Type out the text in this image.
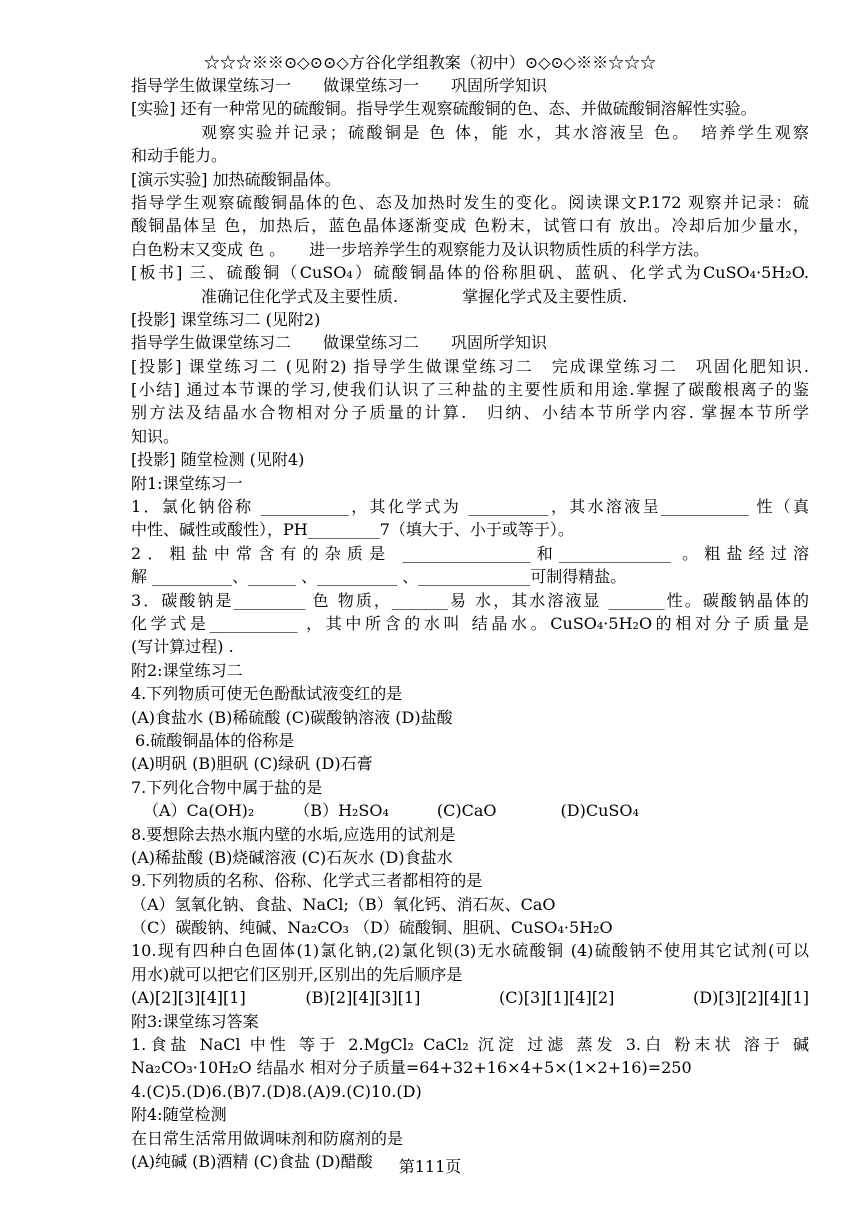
☆☆☆※※⊙◇⊙⊙◇方谷化学组教案（初中）⊙◇⊙◇※※☆☆☆
指导学生做课堂练习一　　做课堂练习一　　巩固所学知识
[实验] 还有一种常见的硫酸铜。指导学生观察硫酸铜的色、态、并做硫酸铜溶解性实验。
观察实验并记录；硫酸铜是 色 体，能 水，其水溶液呈 色。　培养学生观察
和动手能力。
[演示实验] 加热硫酸铜晶体。
指导学生观察硫酸铜晶体的色、态及加热时发生的变化。阅读课文P.172 观察并记录：硫
酸铜晶体呈 色，加热后，蓝色晶体逐渐变成 色粉末，试管口有 放出。冷却后加少量水，
白色粉末又变成 色 。　　进一步培养学生的观察能力及认识物质性质的科学方法。
[板书] 三、硫酸铜（CuSO₄）硫酸铜晶体的俗称胆矾、蓝矾、化学式为CuSO₄·5H₂O.
准确记住化学式及主要性质.　　　　掌握化学式及主要性质.
[投影] 课堂练习二 (见附2)
指导学生做课堂练习二　　做课堂练习二　　巩固所学知识
[投影] 课堂练习二 (见附2) 指导学生做课堂练习二　完成课堂练习二　巩固化肥知识.
[小结] 通过本节课的学习,使我们认识了三种盐的主要性质和用途.掌握了碳酸根离子的鉴
别方法及结晶水合物相对分子质量的计算.　归纳、小结本节所学内容. 掌握本节所学
知识。
[投影] 随堂检测 (见附4)
附1:课堂练习一
1．氯化钠俗称 ___________，其化学式为 __________，其水溶液呈___________ 性（真
中性、碱性或酸性），PH_________7（填大于、小于或等于）。
2．粗盐中常含有的杂质是 ________________和______________ 。粗盐经过溶
解 __________、______ 、__________ 、______________可制得精盐。
3．碳酸钠是_________ 色 物质，_______易 水，其水溶液显 _______性。碳酸钠晶体的
化学式是___________ ，其中所含的水叫 结晶水。CuSO₄·5H₂O的相对分子质量是
(写计算过程) .
附2:课堂练习二
4.下列物质可使无色酚酞试液变红的是
(A)食盐水 (B)稀硫酸 (C)碳酸钠溶液 (D)盐酸
6.硫酸铜晶体的俗称是
(A)明矾 (B)胆矾 (C)绿矾 (D)石膏
7.下列化合物中属于盐的是
（A）Ca(OH)₂　　　（B）H₂SO₄　　　(C)CaO　　　　(D)CuSO₄
8.要想除去热水瓶内壁的水垢,应选用的试剂是
(A)稀盐酸 (B)烧碱溶液 (C)石灰水 (D)食盐水
9.下列物质的名称、俗称、化学式三者都相符的是
（A）氢氧化钠、食盐、NaCl;（B）氧化钙、消石灰、CaO
（C）碳酸钠、纯碱、Na₂CO₃ （D）硫酸铜、胆矾、CuSO₄·5H₂O
10.现有四种白色固体(1)氯化钠,(2)氯化钡(3)无水硫酸铜 (4)硫酸钠不使用其它试剂(可以
用水)就可以把它们区别开,区别出的先后顺序是
(A)[2][3][4][1]　　　(B)[2][4][3][1]　　　　(C)[3][1][4][2]　　　　(D)[3][2][4][1]
附3:课堂练习答案
1.食盐 NaCl 中性 等于 2.MgCl₂ CaCl₂ 沉淀 过滤 蒸发 3.白 粉末状 溶于 碱
Na₂CO₃·10H₂O 结晶水 相对分子质量=64+32+16×4+5×(1×2+16)=250
4.(C)5.(D)6.(B)7.(D)8.(A)9.(C)10.(D)
附4:随堂检测
在日常生活常用做调味剂和防腐剂的是
(A)纯碱 (B)酒精 (C)食盐 (D)醋酸	第111页
